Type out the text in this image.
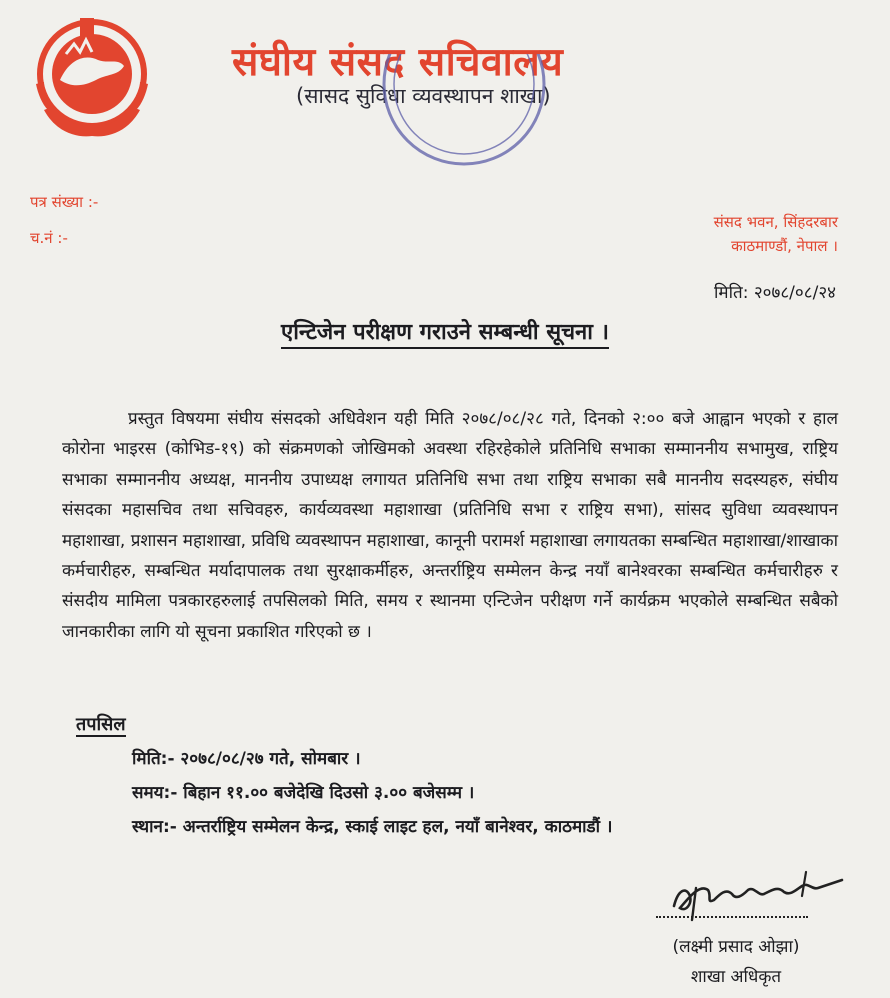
संघीय संसद सचिवालय
(सासद सुविधा व्यवस्थापन शाखा)
पत्र संख्या :-
च.नं :-
संसद भवन, सिंहदरबार
काठमाण्डौं, नेपाल ।
मिति: २०७८/०८/२४
एन्टिजेन परीक्षण गराउने सम्बन्धी सूचना ।

प्रस्तुत विषयमा संघीय संसदको अधिवेशन यही मिति २०७८/०८/२८ गते, दिनको २:०० बजे आह्वान भएको र हाल कोरोना भाइरस (कोभिड-१९) को संक्रमणको जोखिमको अवस्था रहिरहेकोले प्रतिनिधि सभाका सम्माननीय सभामुख, राष्ट्रिय सभाका सम्माननीय अध्यक्ष, माननीय उपाध्यक्ष लगायत प्रतिनिधि सभा तथा राष्ट्रिय सभाका सबै माननीय सदस्यहरु, संघीय संसदका महासचिव तथा सचिवहरु, कार्यव्यवस्था महाशाखा (प्रतिनिधि सभा र राष्ट्रिय सभा), सांसद सुविधा व्यवस्थापन महाशाखा, प्रशासन महाशाखा, प्रविधि व्यवस्थापन महाशाखा, कानूनी परामर्श महाशाखा लगायतका सम्बन्धित महाशाखा/शाखाका कर्मचारीहरु, सम्बन्धित मर्यादापालक तथा सुरक्षाकर्मीहरु, अन्तर्राष्ट्रिय सम्मेलन केन्द्र नयाँ बानेश्वरका सम्बन्धित कर्मचारीहरु र संसदीय मामिला पत्रकारहरुलाई तपसिलको मिति, समय र स्थानमा एन्टिजेन परीक्षण गर्ने कार्यक्रम भएकोले सम्बन्धित सबैको जानकारीका लागि यो सूचना प्रकाशित गरिएको छ ।

तपसिल
मिति:- २०७८/०८/२७ गते, सोमबार ।
समय:- बिहान ११.०० बजेदेखि दिउसो ३.०० बजेसम्म ।
स्थान:- अन्तर्राष्ट्रिय सम्मेलन केन्द्र, स्काई लाइट हल, नयाँ बानेश्वर, काठमाडौं ।
(लक्ष्मी प्रसाद ओझा)
शाखा अधिकृत
